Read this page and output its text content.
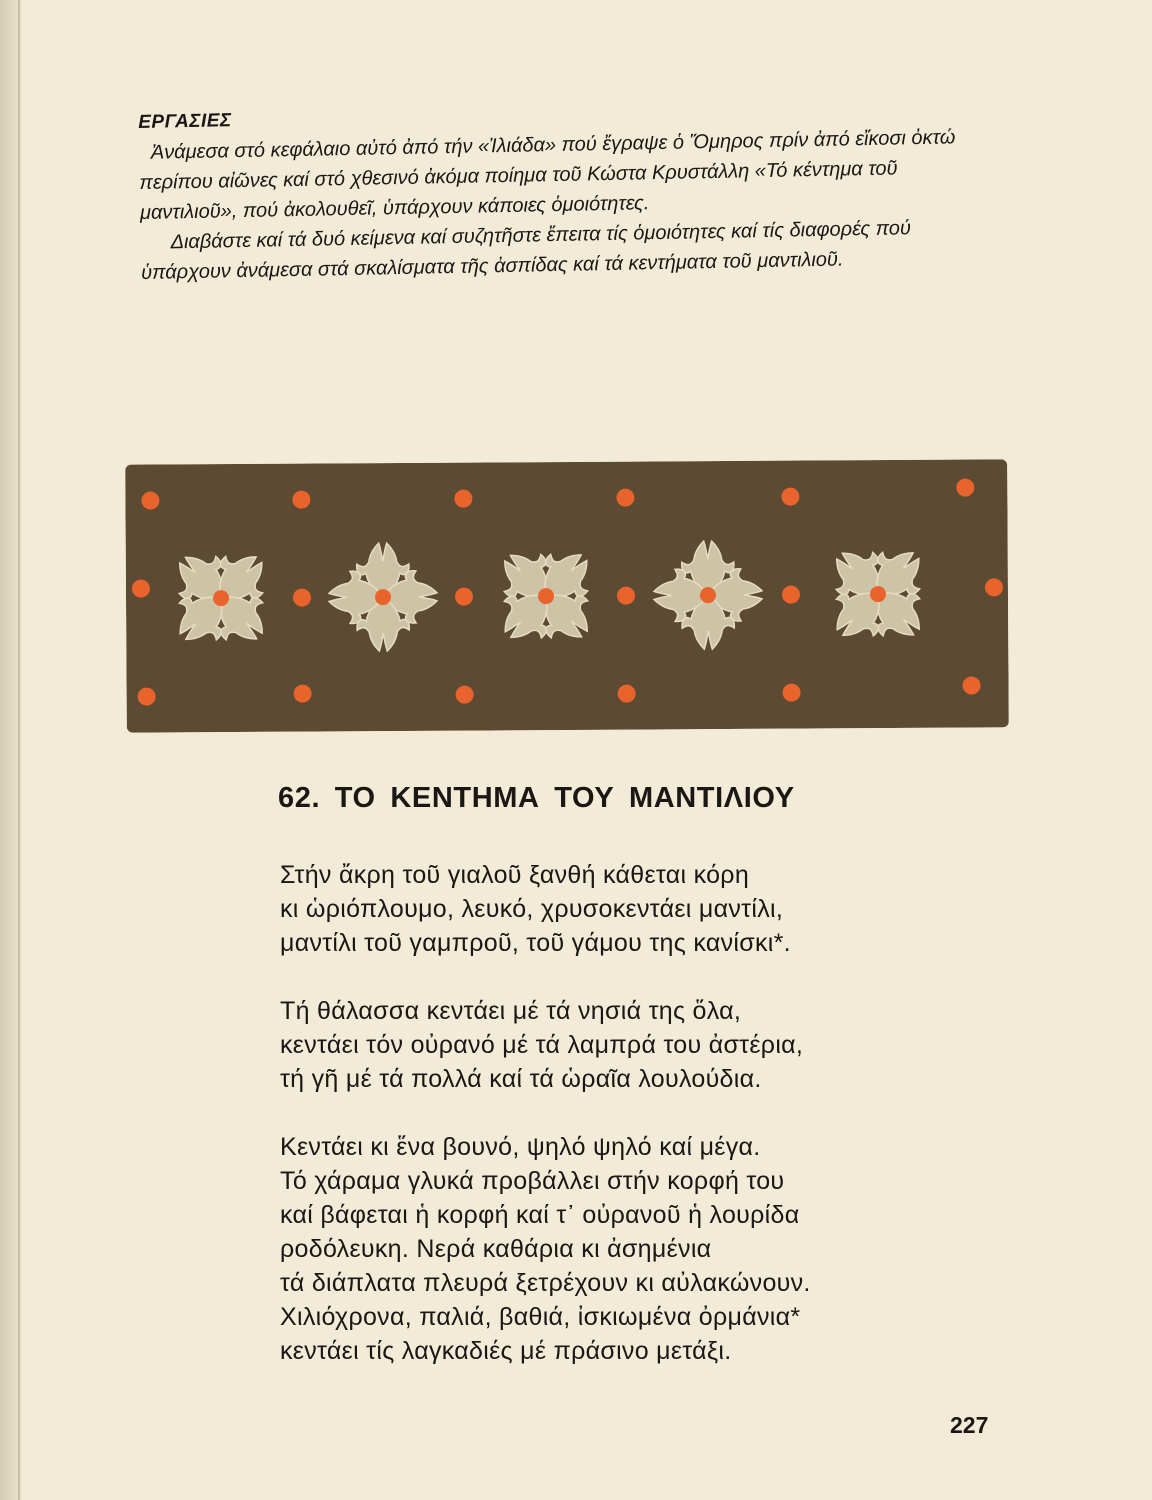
ΕΡΓΑΣΙΕΣ

Ἀνάμεσα στό κεφάλαιο αὐτό ἀπό τήν «Ἰλιάδα» πού ἔγραψε ὁ Ὅμηρος πρίν ἀπό εἴκοσι ὀκτώ περίπου αἰῶνες καί στό χθεσινό ἀκόμα ποίημα τοῦ Κώστα Κρυστάλλη «Τό κέντημα τοῦ μαντιλιοῦ», πού ἀκολουθεῖ, ὑπάρχουν κάποιες ὁμοιότητες.

Διαβάστε καί τά δυό κείμενα καί συζητῆστε ἔπειτα τίς ὁμοιότητες καί τίς διαφορές πού ὑπάρχουν ἀνάμεσα στά σκαλίσματα τῆς ἀσπίδας καί τά κεντήματα τοῦ μαντιλιοῦ.

62. ΤΟ ΚΕΝΤΗΜΑ ΤΟΥ ΜΑΝΤΙΛΙΟΥ
Στήν ἄκρη τοῦ γιαλοῦ ξανθή κάθεται κόρη
κι ὡριόπλουμο, λευκό, χρυσοκεντάει μαντίλι,
μαντίλι τοῦ γαμπροῦ, τοῦ γάμου της κανίσκι*.
Τή θάλασσα κεντάει μέ τά νησιά της ὅλα,
κεντάει τόν οὐρανό μέ τά λαμπρά του ἀστέρια,
τή γῆ μέ τά πολλά καί τά ὡραῖα λουλούδια.
Κεντάει κι ἕνα βουνό, ψηλό ψηλό καί μέγα.
Τό χάραμα γλυκά προβάλλει στήν κορφή του
καί βάφεται ἡ κορφή καί τ᾽ οὐρανοῦ ἡ λουρίδα
ροδόλευκη. Νερά καθάρια κι ἀσημένια
τά διάπλατα πλευρά ξετρέχουν κι αὐλακώνουν.
Χιλιόχρονα, παλιά, βαθιά, ἰσκιωμένα ὀρμάνια*
κεντάει τίς λαγκαδιές μέ πράσινο μετάξι.
227
